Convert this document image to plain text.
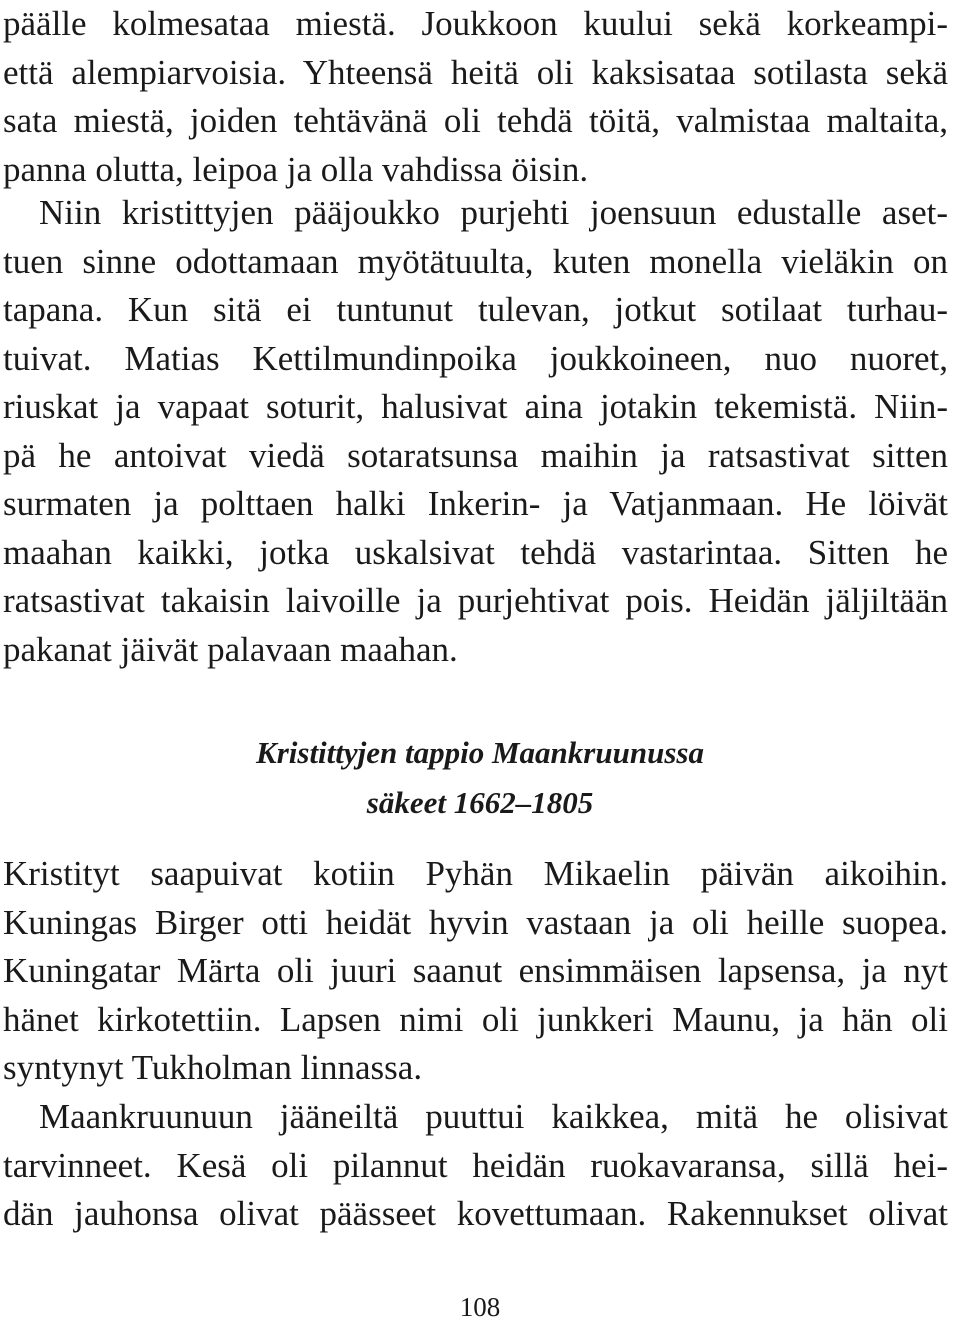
päälle kolmesataa miestä. Joukkoon kuului sekä korkeampi-
että alempiarvoisia. Yhteensä heitä oli kaksisataa sotilasta sekä
sata miestä, joiden tehtävänä oli tehdä töitä, valmistaa maltaita,
panna olutta, leipoa ja olla vahdissa öisin.

Niin kristittyjen pääjoukko purjehti joensuun edustalle aset-
tuen sinne odottamaan myötätuulta, kuten monella vieläkin on
tapana. Kun sitä ei tuntunut tulevan, jotkut sotilaat turhau-
tuivat. Matias Kettilmundinpoika joukkoineen, nuo nuoret,
riuskat ja vapaat soturit, halusivat aina jotakin tekemistä. Niin-
pä he antoivat viedä sotaratsunsa maihin ja ratsastivat sitten
surmaten ja polttaen halki Inkerin- ja Vatjanmaan. He löivät
maahan kaikki, jotka uskalsivat tehdä vastarintaa. Sitten he
ratsastivat takaisin laivoille ja purjehtivat pois. Heidän jäljiltään
pakanat jäivät palavaan maahan.

Kristittyjen tappio Maankruunussa
säkeet 1662–1805

Kristityt saapuivat kotiin Pyhän Mikaelin päivän aikoihin.
Kuningas Birger otti heidät hyvin vastaan ja oli heille suopea.
Kuningatar Märta oli juuri saanut ensimmäisen lapsensa, ja nyt
hänet kirkotettiin. Lapsen nimi oli junkkeri Maunu, ja hän oli
syntynyt Tukholman linnassa.

Maankruunuun jääneiltä puuttui kaikkea, mitä he olisivat
tarvinneet. Kesä oli pilannut heidän ruokavaransa, sillä hei-
dän jauhonsa olivat päässeet kovettumaan. Rakennukset olivat

108
